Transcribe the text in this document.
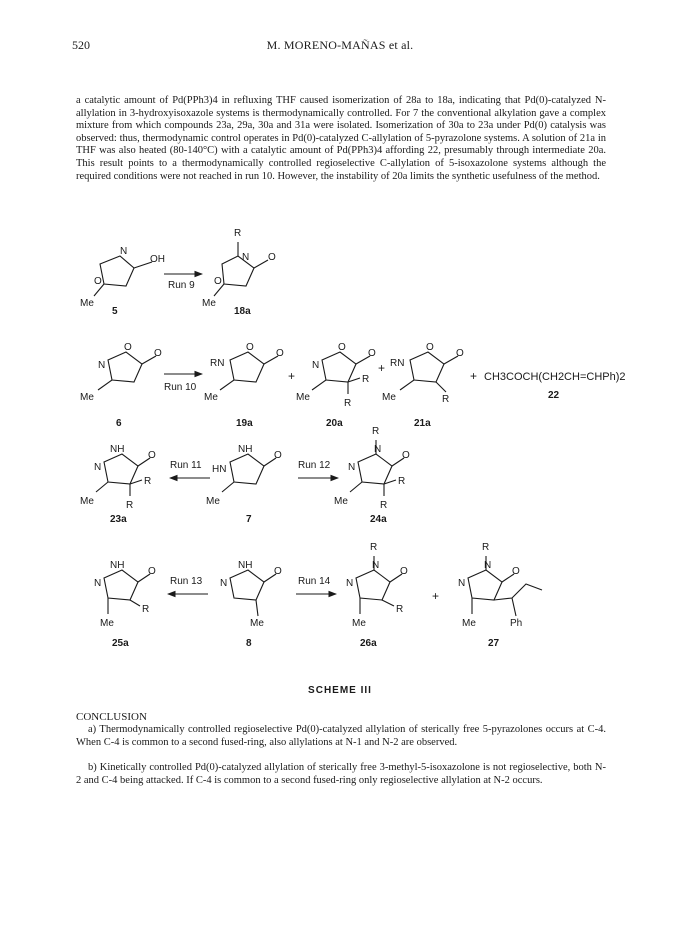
520	M. MORENO-MAÑAS et al.
a catalytic amount of Pd(PPh3)4 in refluxing THF caused isomerization of 28a to 18a, indicating that Pd(0)-catalyzed N-allylation in 3-hydroxyisoxazole systems is thermodynamically controlled. For 7 the conventional alkylation gave a complex mixture from which compounds 23a, 29a, 30a and 31a were isolated. Isomerization of 30a to 23a under Pd(0) catalysis was observed: thus, thermodynamic control operates in Pd(0)-catalyzed C-allylation of 5-pyrazolone systems. A solution of 21a in THF was also heated (80-140°C) with a catalytic amount of Pd(PPh3)4 affording 22, presumably through intermediate 20a. This result points to a thermodynamically controlled regioselective C-allylation of 5-isoxazolone systems although the required conditions were not reached in run 10. However, the instability of 20a limits the synthetic usefulness of the method.
N
OH
O
Me
5
Run 9
R
N O
O
Me
18a
O
O
N
Me
6
Run 10
O
O
RN
Me
19a
+
O
O
N
Me
R
R
20a
+
O
O
RN
Me	R
21a
+ CH3COCH(CH2CH=CHPh)2
22
NH
O
N
Me
R
R
23a
Run 11
NH
O
HN
Me
7
Run 12
R
N
O
N
Me
R
R
24a
NH
O
N
Me
R
25a
Run 13
NH
O
N
Me
8
Run 14
R
N
O
N
Me
R
26a
+
R
N
O
N
Me	Ph
27
SCHEME III
CONCLUSION
a) Thermodynamically controlled regioselective Pd(0)-catalyzed allylation of sterically free 5-pyrazolones occurs at C-4. When C-4 is common to a second fused-ring, also allylations at N-1 and N-2 are observed.
b) Kinetically controlled Pd(0)-catalyzed allylation of sterically free 3-methyl-5-isoxazolone is not regioselective, both N-2 and C-4 being attacked. If C-4 is common to a second fused-ring only regioselective allylation at N-2 occurs.
